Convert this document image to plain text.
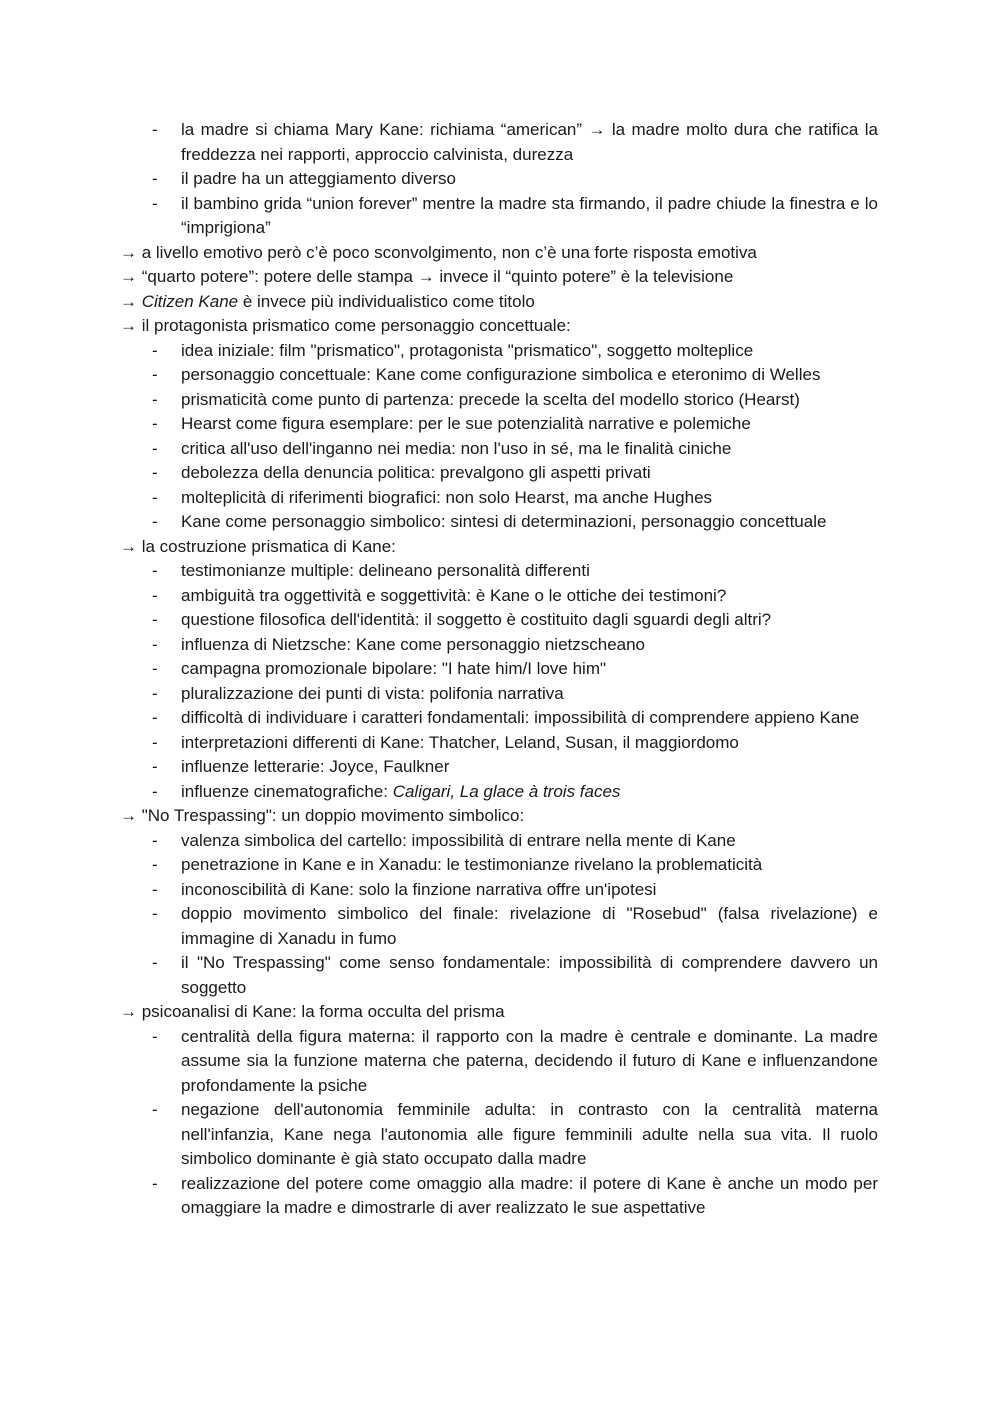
- la madre si chiama Mary Kane: richiama “american” → la madre molto dura che ratifica la freddezza nei rapporti, approccio calvinista, durezza
- il padre ha un atteggiamento diverso
- il bambino grida “union forever” mentre la madre sta firmando, il padre chiude la finestra e lo “imprigiona”

→ a livello emotivo però c’è poco sconvolgimento, non c’è una forte risposta emotiva

→ “quarto potere”: potere delle stampa → invece il “quinto potere” è la televisione

→ Citizen Kane è invece più individualistico come titolo

→ il protagonista prismatico come personaggio concettuale:

- idea iniziale: film "prismatico", protagonista "prismatico", soggetto molteplice
- personaggio concettuale: Kane come configurazione simbolica e eteronimo di Welles
- prismaticità come punto di partenza: precede la scelta del modello storico (Hearst)
- Hearst come figura esemplare: per le sue potenzialità narrative e polemiche
- critica all'uso dell'inganno nei media: non l'uso in sé, ma le finalità ciniche
- debolezza della denuncia politica: prevalgono gli aspetti privati
- molteplicità di riferimenti biografici: non solo Hearst, ma anche Hughes
- Kane come personaggio simbolico: sintesi di determinazioni, personaggio concettuale

→ la costruzione prismatica di Kane:

- testimonianze multiple: delineano personalità differenti
- ambiguità tra oggettività e soggettività: è Kane o le ottiche dei testimoni?
- questione filosofica dell'identità: il soggetto è costituito dagli sguardi degli altri?
- influenza di Nietzsche: Kane come personaggio nietzscheano
- campagna promozionale bipolare: "I hate him/I love him"
- pluralizzazione dei punti di vista: polifonia narrativa
- difficoltà di individuare i caratteri fondamentali: impossibilità di comprendere appieno Kane
- interpretazioni differenti di Kane: Thatcher, Leland, Susan, il maggiordomo
- influenze letterarie: Joyce, Faulkner
- influenze cinematografiche: Caligari, La glace à trois faces

→ "No Trespassing": un doppio movimento simbolico:

- valenza simbolica del cartello: impossibilità di entrare nella mente di Kane
- penetrazione in Kane e in Xanadu: le testimonianze rivelano la problematicità
- inconoscibilità di Kane: solo la finzione narrativa offre un'ipotesi
- doppio movimento simbolico del finale: rivelazione di "Rosebud" (falsa rivelazione) e immagine di Xanadu in fumo
- il "No Trespassing" come senso fondamentale: impossibilità di comprendere davvero un soggetto

→ psicoanalisi di Kane: la forma occulta del prisma

- centralità della figura materna: il rapporto con la madre è centrale e dominante. La madre assume sia la funzione materna che paterna, decidendo il futuro di Kane e influenzandone profondamente la psiche
- negazione dell'autonomia femminile adulta: in contrasto con la centralità materna nell'infanzia, Kane nega l'autonomia alle figure femminili adulte nella sua vita. Il ruolo simbolico dominante è già stato occupato dalla madre
- realizzazione del potere come omaggio alla madre: il potere di Kane è anche un modo per omaggiare la madre e dimostrarle di aver realizzato le sue aspettative
